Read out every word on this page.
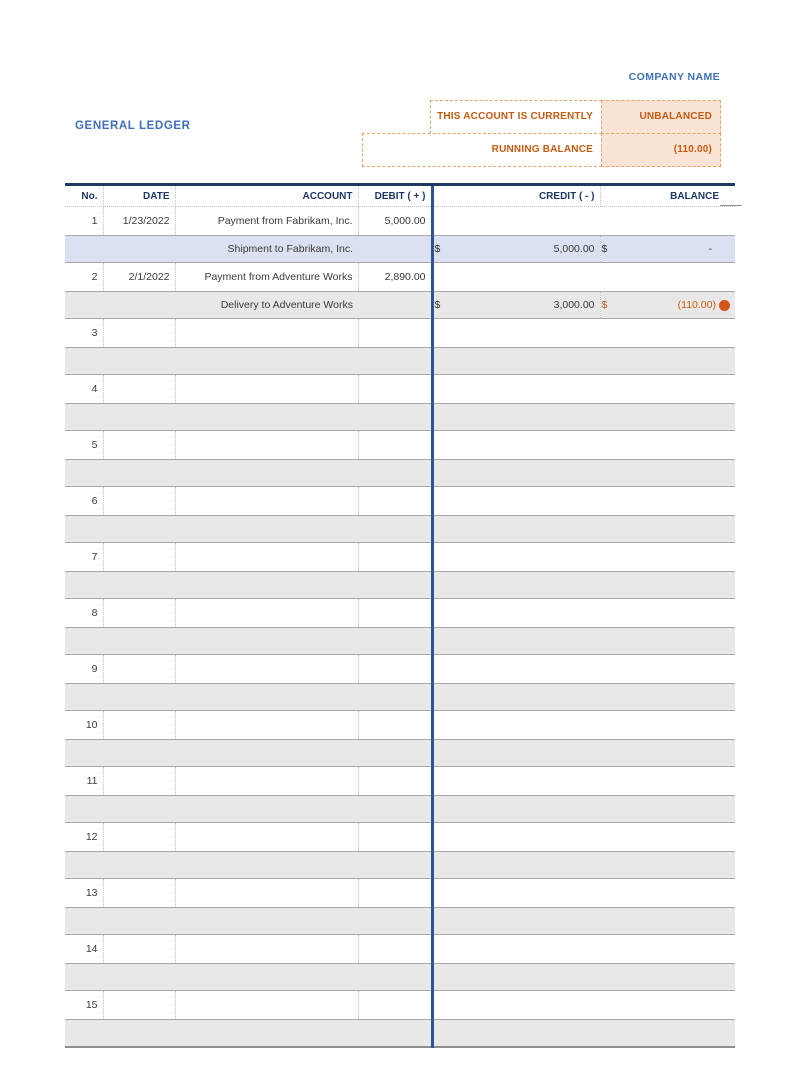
COMPANY NAME
GENERAL LEDGER
THIS ACCOUNT IS CURRENTLY	UNBALANCED
RUNNING BALANCE	(110.00)
No.	DATE	ACCOUNT	DEBIT ( + )	CREDIT ( - )	BALANCE
1	1/23/2022	Payment from Fabrikam, Inc.	5,000.00		
		Shipment to Fabrikam, Inc.		$ 5,000.00	$ -

2	2/1/2022	Payment from Adventure Works	2,890.00		
		Delivery to Adventure Works		$ 3,000.00	$ (110.00)

3					

4					

5					

6					

7					

8					

9					

10					

11					

12					

13					

14					

15					
